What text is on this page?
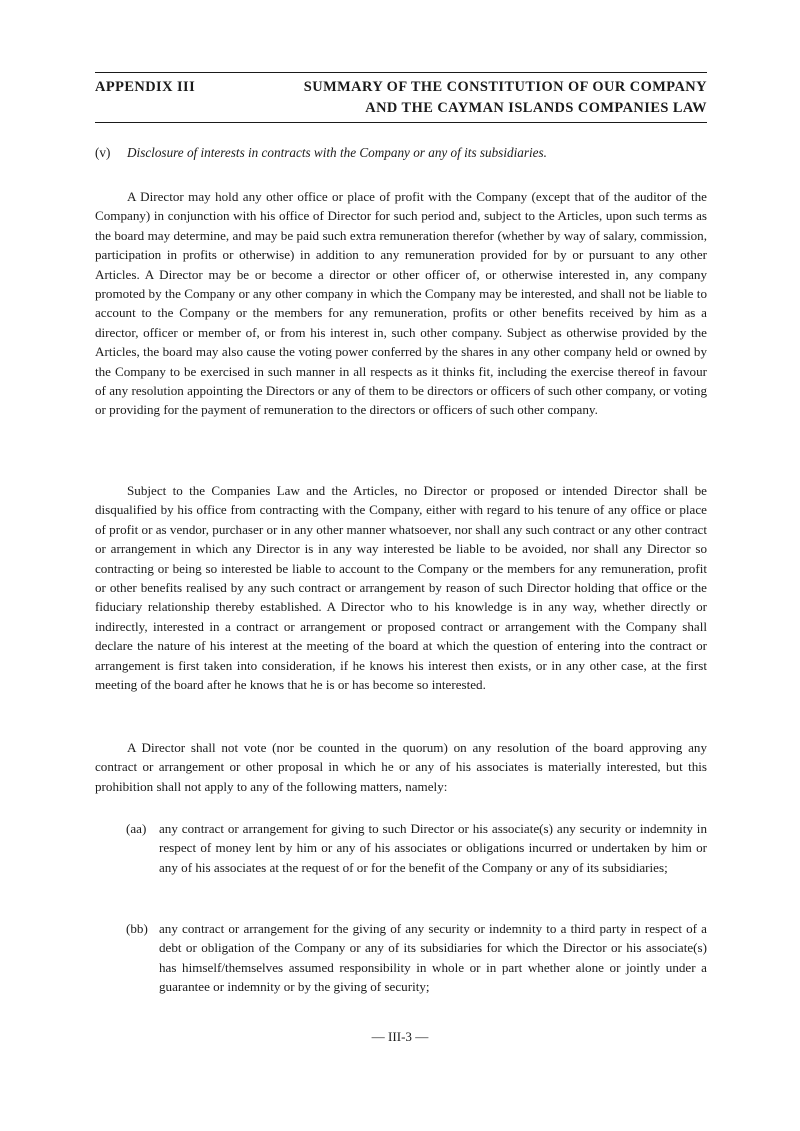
APPENDIX III	SUMMARY OF THE CONSTITUTION OF OUR COMPANY
AND THE CAYMAN ISLANDS COMPANIES LAW
(v) Disclosure of interests in contracts with the Company or any of its subsidiaries.

A Director may hold any other office or place of profit with the Company (except that of the auditor of the Company) in conjunction with his office of Director for such period and, subject to the Articles, upon such terms as the board may determine, and may be paid such extra remuneration therefor (whether by way of salary, commission, participation in profits or otherwise) in addition to any remuneration provided for by or pursuant to any other Articles. A Director may be or become a director or other officer of, or otherwise interested in, any company promoted by the Company or any other company in which the Company may be interested, and shall not be liable to account to the Company or the members for any remuneration, profits or other benefits received by him as a director, officer or member of, or from his interest in, such other company. Subject as otherwise provided by the Articles, the board may also cause the voting power conferred by the shares in any other company held or owned by the Company to be exercised in such manner in all respects as it thinks fit, including the exercise thereof in favour of any resolution appointing the Directors or any of them to be directors or officers of such other company, or voting or providing for the payment of remuneration to the directors or officers of such other company.

Subject to the Companies Law and the Articles, no Director or proposed or intended Director shall be disqualified by his office from contracting with the Company, either with regard to his tenure of any office or place of profit or as vendor, purchaser or in any other manner whatsoever, nor shall any such contract or any other contract or arrangement in which any Director is in any way interested be liable to be avoided, nor shall any Director so contracting or being so interested be liable to account to the Company or the members for any remuneration, profit or other benefits realised by any such contract or arrangement by reason of such Director holding that office or the fiduciary relationship thereby established. A Director who to his knowledge is in any way, whether directly or indirectly, interested in a contract or arrangement or proposed contract or arrangement with the Company shall declare the nature of his interest at the meeting of the board at which the question of entering into the contract or arrangement is first taken into consideration, if he knows his interest then exists, or in any other case, at the first meeting of the board after he knows that he is or has become so interested.

A Director shall not vote (nor be counted in the quorum) on any resolution of the board approving any contract or arrangement or other proposal in which he or any of his associates is materially interested, but this prohibition shall not apply to any of the following matters, namely:

(aa) any contract or arrangement for giving to such Director or his associate(s) any security or indemnity in respect of money lent by him or any of his associates or obligations incurred or undertaken by him or any of his associates at the request of or for the benefit of the Company or any of its subsidiaries;

(bb) any contract or arrangement for the giving of any security or indemnity to a third party in respect of a debt or obligation of the Company or any of its subsidiaries for which the Director or his associate(s) has himself/themselves assumed responsibility in whole or in part whether alone or jointly under a guarantee or indemnity or by the giving of security;

— III-3 —
